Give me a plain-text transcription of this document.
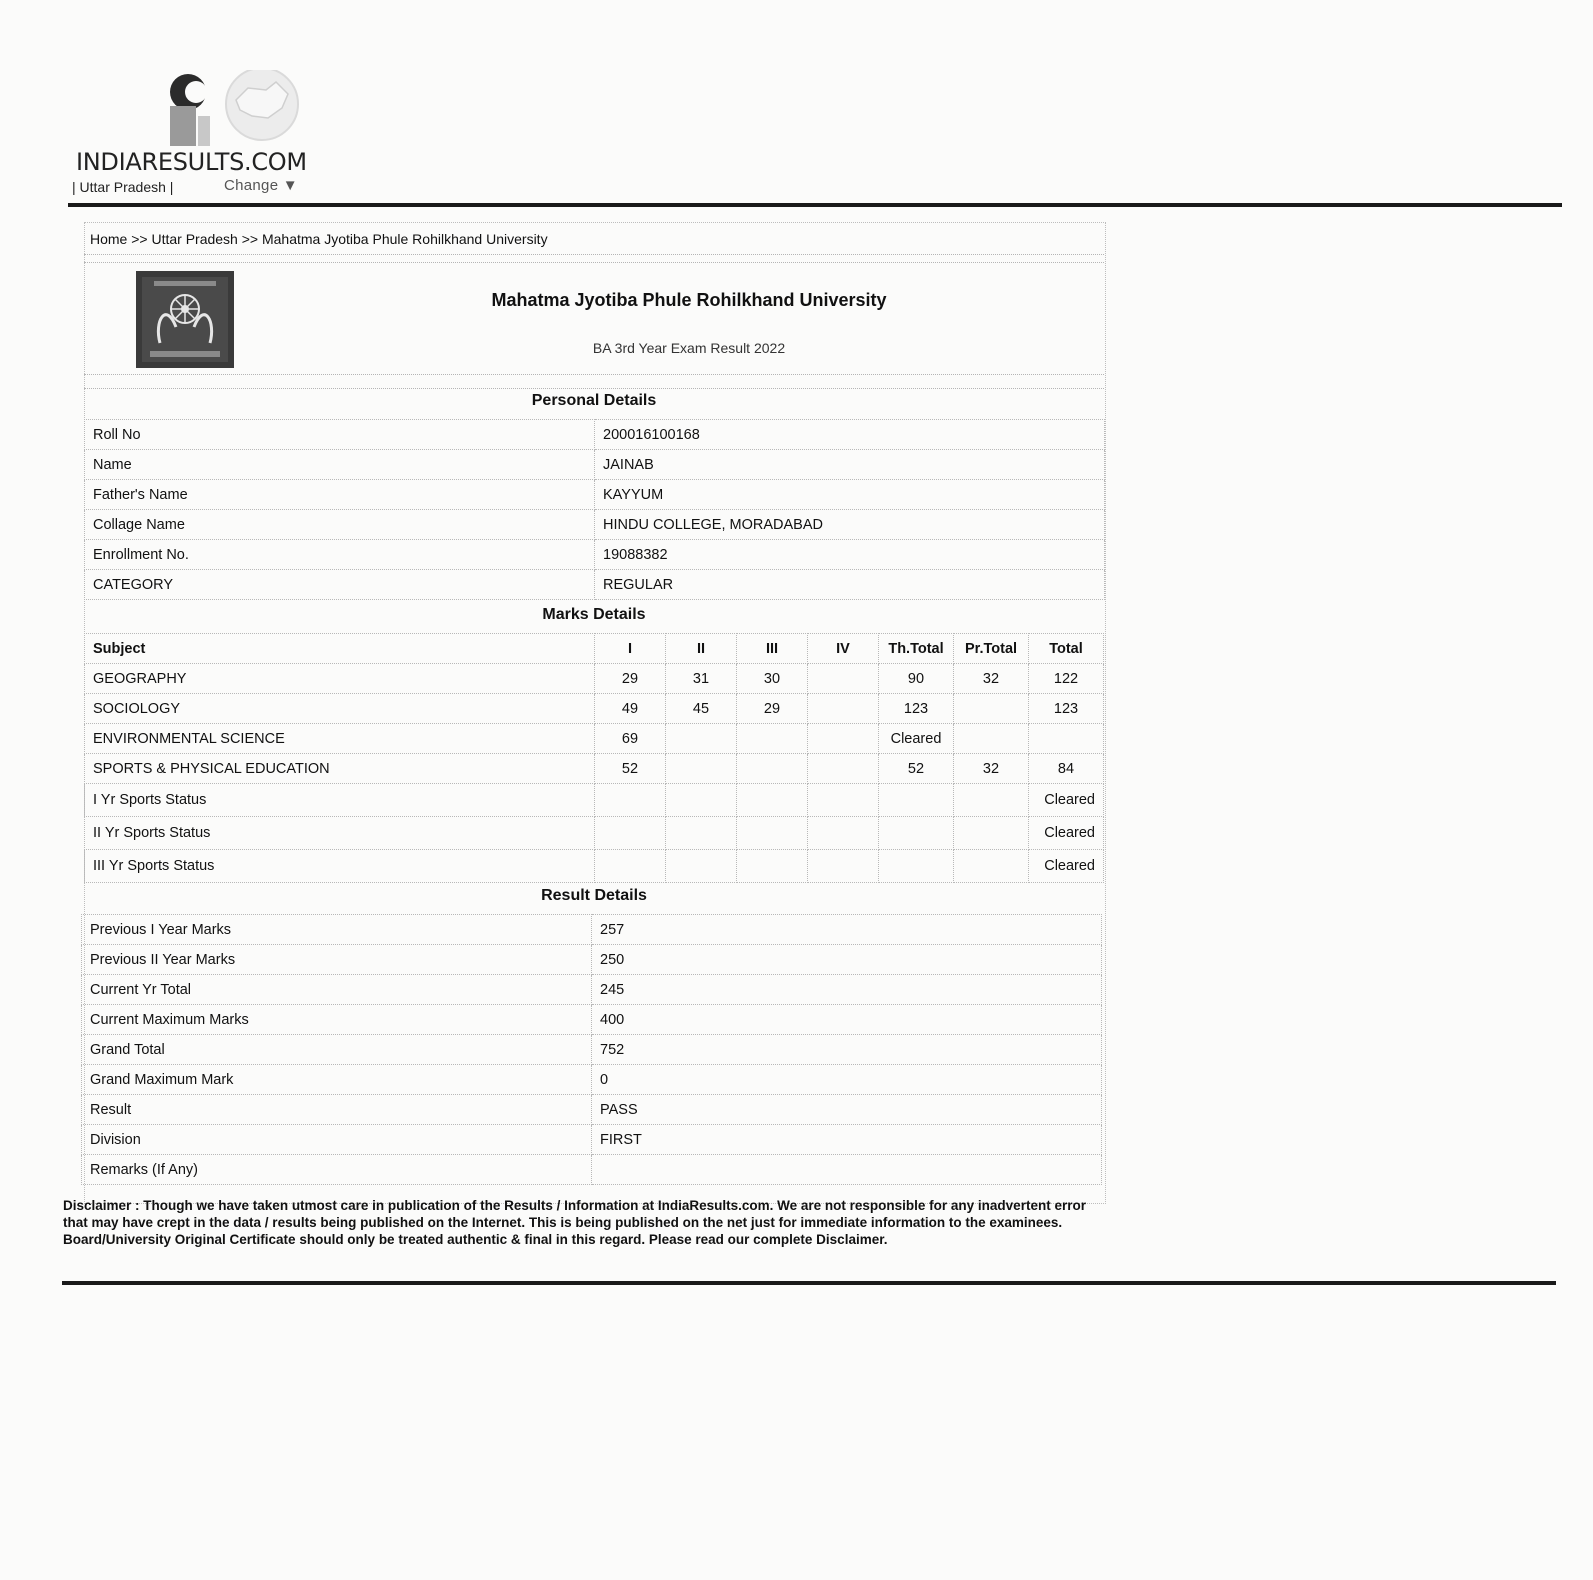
INDIARESULTS.COM
| Uttar Pradesh |	Change ▼
Home >> Uttar Pradesh >> Mahatma Jyotiba Phule Rohilkhand University
Mahatma Jyotiba Phule Rohilkhand University
BA 3rd Year Exam Result 2022
Personal Details
Roll No	200016100168
Name	JAINAB
Father's Name	KAYYUM
Collage Name	HINDU COLLEGE, MORADABAD
Enrollment No.	19088382
CATEGORY	REGULAR
Marks Details
Subject	I	II	III	IV	Th.Total	Pr.Total	Total
GEOGRAPHY	29	31	30		90	32	122
SOCIOLOGY	49	45	29		123		123
ENVIRONMENTAL SCIENCE	69				Cleared		
SPORTS & PHYSICAL EDUCATION	52				52	32	84
I Yr Sports Status							Cleared
II Yr Sports Status							Cleared
III Yr Sports Status							Cleared
Result Details
Previous I Year Marks	257
Previous II Year Marks	250
Current Yr Total	245
Current Maximum Marks	400
Grand Total	752
Grand Maximum Mark	0
Result	PASS
Division	FIRST
Remarks (If Any)	
Disclaimer : Though we have taken utmost care in publication of the Results / Information at IndiaResults.com. We are not responsible for any inadvertent error that may have crept in the data / results being published on the Internet. This is being published on the net just for immediate information to the examinees. Board/University Original Certificate should only be treated authentic & final in this regard. Please read our complete Disclaimer.
